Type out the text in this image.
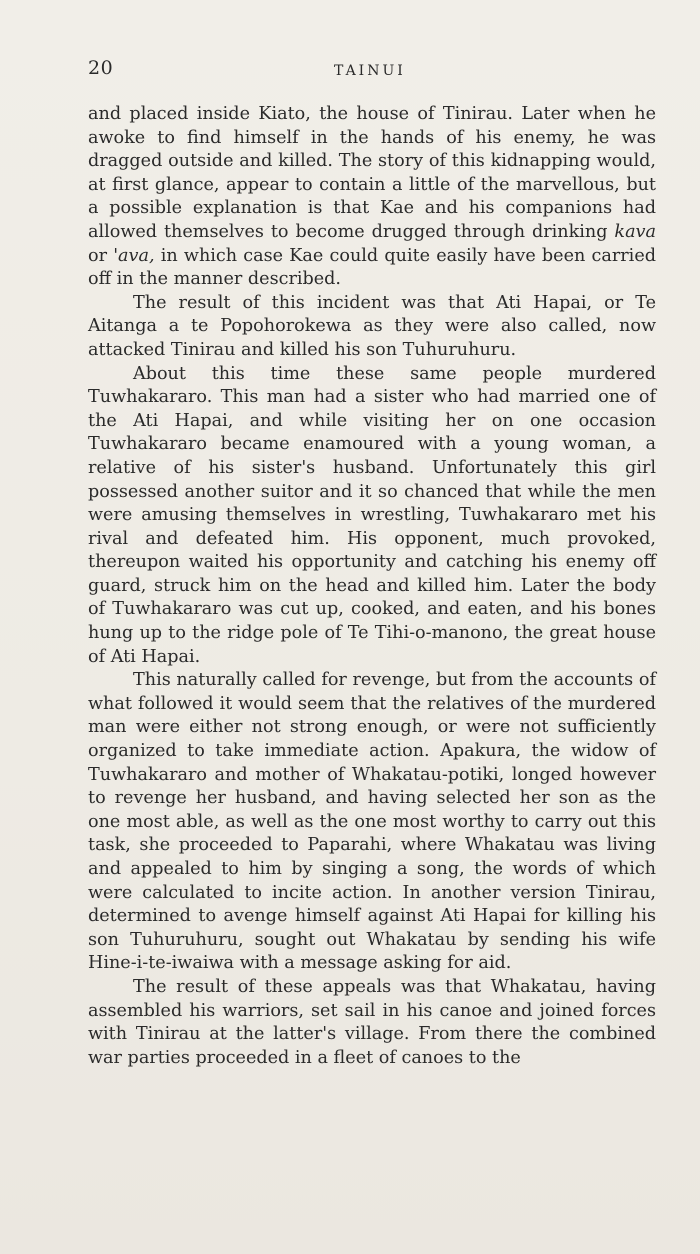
20	TAINUI

and placed inside Kiato, the house of Tinirau. Later when he awoke to find himself in the hands of his enemy, he was dragged outside and killed. The story of this kidnapping would, at first glance, appear to contain a little of the marvellous, but a possible explanation is that Kae and his companions had allowed themselves to become drugged through drinking kava or 'ava, in which case Kae could quite easily have been carried off in the manner described.

The result of this incident was that Ati Hapai, or Te Aitanga a te Popohorokewa as they were also called, now attacked Tinirau and killed his son Tuhuruhuru.

About this time these same people murdered Tuwhakararo. This man had a sister who had married one of the Ati Hapai, and while visiting her on one occasion Tuwhakararo became enamoured with a young woman, a relative of his sister's husband. Unfortunately this girl possessed another suitor and it so chanced that while the men were amusing themselves in wrestling, Tuwhakararo met his rival and defeated him. His opponent, much provoked, thereupon waited his opportunity and catching his enemy off guard, struck him on the head and killed him. Later the body of Tuwhakararo was cut up, cooked, and eaten, and his bones hung up to the ridge pole of Te Tihi-o-manono, the great house of Ati Hapai.

This naturally called for revenge, but from the accounts of what followed it would seem that the relatives of the murdered man were either not strong enough, or were not sufficiently organized to take immediate action. Apakura, the widow of Tuwhakararo and mother of Whakatau-potiki, longed however to revenge her husband, and having selected her son as the one most able, as well as the one most worthy to carry out this task, she proceeded to Paparahi, where Whakatau was living and appealed to him by singing a song, the words of which were calculated to incite action. In another version Tinirau, determined to avenge himself against Ati Hapai for killing his son Tuhuruhuru, sought out Whakatau by sending his wife Hine-i-te-iwaiwa with a message asking for aid.

The result of these appeals was that Whakatau, having assembled his warriors, set sail in his canoe and joined forces with Tinirau at the latter's village. From there the combined war parties proceeded in a fleet of canoes to the
